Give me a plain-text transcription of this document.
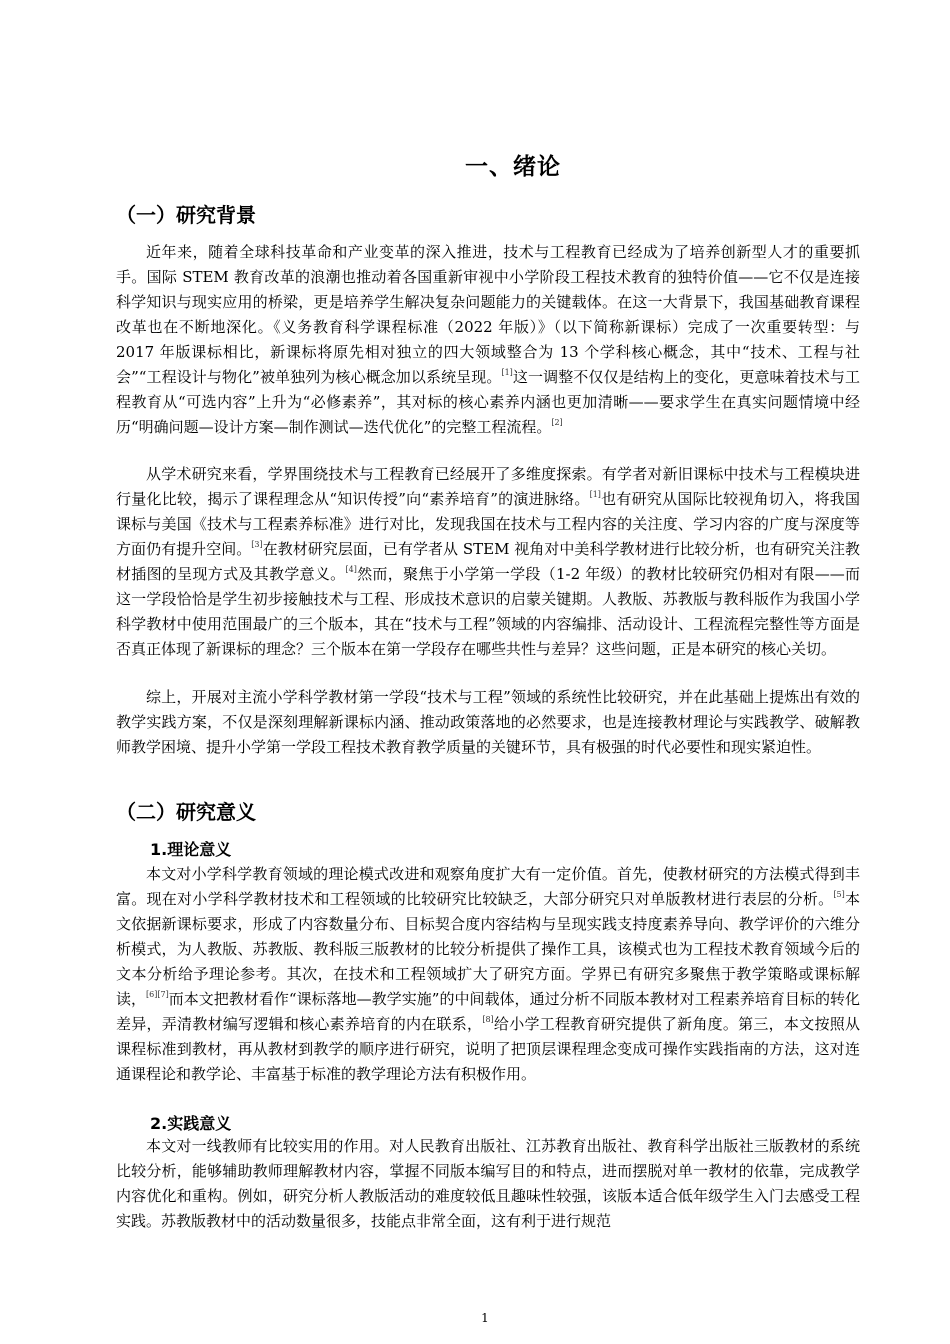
一、绪论
（一）研究背景

近年来，随着全球科技革命和产业变革的深入推进，技术与工程教育已经成为了培养创新型人才的重要抓手。国际 STEM 教育改革的浪潮也推动着各国重新审视中小学阶段工程技术教育的独特价值——它不仅是连接科学知识与现实应用的桥梁，更是培养学生解决复杂问题能力的关键载体。在这一大背景下，我国基础教育课程改革也在不断地深化。《义务教育科学课程标准（2022 年版）》（以下简称新课标）完成了一次重要转型：与 2017 年版课标相比，新课标将原先相对独立的四大领域整合为 13 个学科核心概念，其中“技术、工程与社会”“工程设计与物化”被单独列为核心概念加以系统呈现。[1]这一调整不仅仅是结构上的变化，更意味着技术与工程教育从“可选内容”上升为“必修素养”，其对标的核心素养内涵也更加清晰——要求学生在真实问题情境中经历“明确问题—设计方案—制作测试—迭代优化”的完整工程流程。[2]

从学术研究来看，学界围绕技术与工程教育已经展开了多维度探索。有学者对新旧课标中技术与工程模块进行量化比较，揭示了课程理念从“知识传授”向“素养培育”的演进脉络。[1]也有研究从国际比较视角切入，将我国课标与美国《技术与工程素养标准》进行对比，发现我国在技术与工程内容的关注度、学习内容的广度与深度等方面仍有提升空间。[3]在教材研究层面，已有学者从 STEM 视角对中美科学教材进行比较分析，也有研究关注教材插图的呈现方式及其教学意义。[4]然而，聚焦于小学第一学段（1-2 年级）的教材比较研究仍相对有限——而这一学段恰恰是学生初步接触技术与工程、形成技术意识的启蒙关键期。人教版、苏教版与教科版作为我国小学科学教材中使用范围最广的三个版本，其在“技术与工程”领域的内容编排、活动设计、工程流程完整性等方面是否真正体现了新课标的理念？三个版本在第一学段存在哪些共性与差异？这些问题，正是本研究的核心关切。

综上，开展对主流小学科学教材第一学段“技术与工程”领域的系统性比较研究，并在此基础上提炼出有效的教学实践方案，不仅是深刻理解新课标内涵、推动政策落地的必然要求，也是连接教材理论与实践教学、破解教师教学困境、提升小学第一学段工程技术教育教学质量的关键环节，具有极强的时代必要性和现实紧迫性。

（二）研究意义
1.理论意义

本文对小学科学教育领域的理论模式改进和观察角度扩大有一定价值。首先，使教材研究的方法模式得到丰富。现在对小学科学教材技术和工程领域的比较研究比较缺乏，大部分研究只对单版教材进行表层的分析。[5]本文依据新课标要求，形成了内容数量分布、目标契合度内容结构与呈现实践支持度素养导向、教学评价的六维分析模式，为人教版、苏教版、教科版三版教材的比较分析提供了操作工具，该模式也为工程技术教育领域今后的文本分析给予理论参考。其次，在技术和工程领域扩大了研究方面。学界已有研究多聚焦于教学策略或课标解读，[6][7]而本文把教材看作“课标落地—教学实施”的中间载体，通过分析不同版本教材对工程素养培育目标的转化差异，弄清教材编写逻辑和核心素养培育的内在联系，[8]给小学工程教育研究提供了新角度。第三，本文按照从课程标准到教材，再从教材到教学的顺序进行研究，说明了把顶层课程理念变成可操作实践指南的方法，这对连通课程论和教学论、丰富基于标准的教学理论方法有积极作用。

2.实践意义

本文对一线教师有比较实用的作用。对人民教育出版社、江苏教育出版社、教育科学出版社三版教材的系统比较分析，能够辅助教师理解教材内容，掌握不同版本编写目的和特点，进而摆脱对单一教材的依靠，完成教学内容优化和重构。例如，研究分析人教版活动的难度较低且趣味性较强，该版本适合低年级学生入门去感受工程实践。苏教版教材中的活动数量很多，技能点非常全面，这有利于进行规范

1
